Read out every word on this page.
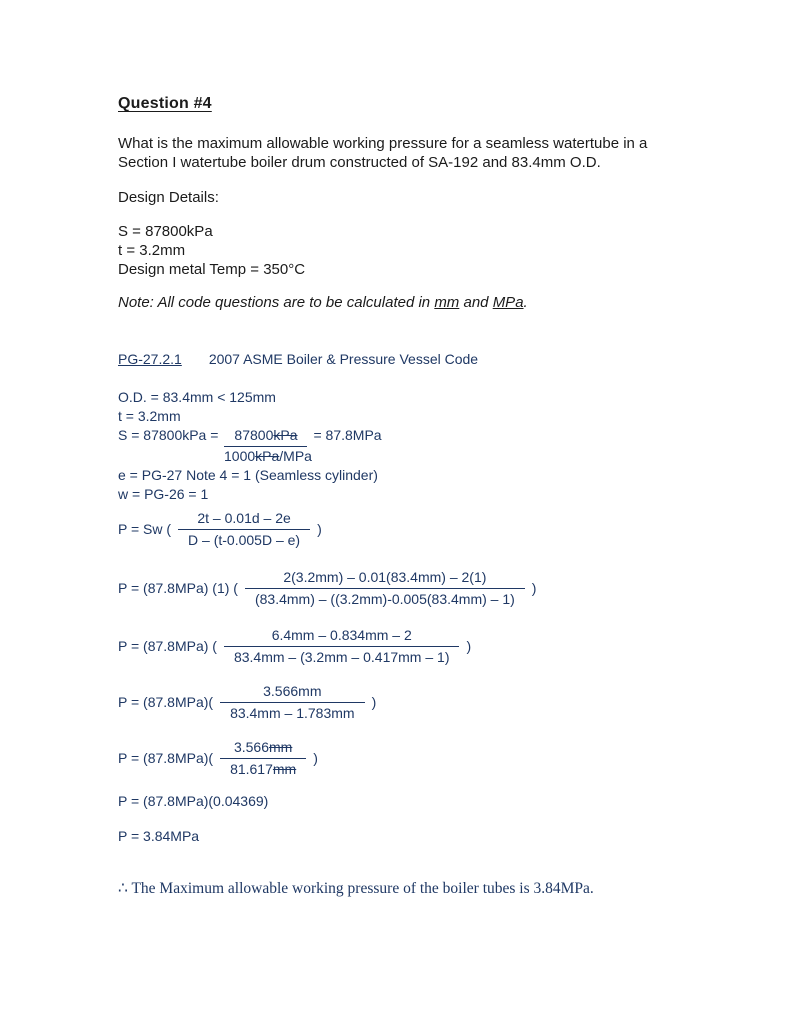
Question #4
What is the maximum allowable working pressure for a seamless watertube in a
Section I watertube boiler drum constructed of SA-192 and 83.4mm O.D.
Design Details:
S = 87800kPa
t = 3.2mm
Design metal Temp = 350°C
Note: All code questions are to be calculated in mm and MPa.
PG-27.2.1 2007 ASME Boiler & Pressure Vessel Code
O.D. = 83.4mm < 125mm
t = 3.2mm
S = 87800kPa = 87800kPa = 87.8MPa
1000kPa/MPa
e = PG-27 Note 4 = 1 (Seamless cylinder)
w = PG-26 = 1
P = Sw ( $\frac{2t - 0.01d - 2e}{D - (t-0.005D - e)}$ )
P = (87.8MPa) (1) ( $\frac{2(3.2mm) - 0.01(83.4mm) - 2(1)}{(83.4mm) - ((3.2mm)-0.005(83.4mm) - 1)}$ )
P = (87.8MPa) ( $\frac{6.4mm - 0.834mm - 2}{83.4mm - (3.2mm - 0.417mm - 1)}$ )
$P = (87.8MPa)( \frac{3.566mm}{83.4mm - 1.783mm}$ )
$P = (87.8MPa)( \frac{3.566mm}{81.617mm}$ )
P = (87.8MPa)(0.04369)
P = 3.84MPa
∴ The Maximum allowable working pressure of the boiler tubes is 3.84MPa.
